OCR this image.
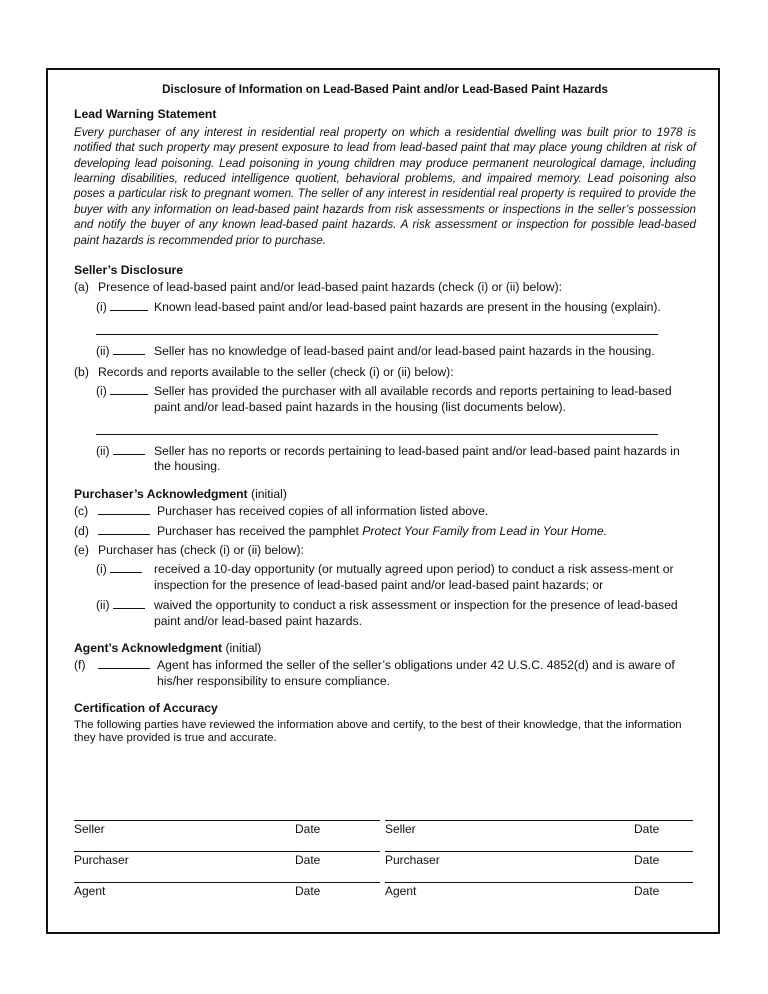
Disclosure of Information on Lead-Based Paint and/or Lead-Based Paint Hazards
Lead Warning Statement
Every purchaser of any interest in residential real property on which a residential dwelling was built prior to 1978 is notified that such property may present exposure to lead from lead-based paint that may place young children at risk of developing lead poisoning. Lead poisoning in young children may produce permanent neurological damage, including learning disabilities, reduced intelligence quotient, behavioral problems, and impaired memory. Lead poisoning also poses a particular risk to pregnant women. The seller of any interest in residential real property is required to provide the buyer with any information on lead-based paint hazards from risk assessments or inspections in the seller’s possession and notify the buyer of any known lead-based paint hazards. A risk assessment or inspection for possible lead-based paint hazards is recommended prior to purchase.
Seller’s Disclosure
(a) Presence of lead-based paint and/or lead-based paint hazards (check (i) or (ii) below):
(i)	Known lead-based paint and/or lead-based paint hazards are present in the housing (explain).
(ii)	Seller has no knowledge of lead-based paint and/or lead-based paint hazards in the housing.
(b) Records and reports available to the seller (check (i) or (ii) below):
(i)	Seller has provided the purchaser with all available records and reports pertaining to lead-based paint and/or lead-based paint hazards in the housing (list documents below).
(ii)	Seller has no reports or records pertaining to lead-based paint and/or lead-based paint hazards in the housing.
Purchaser’s Acknowledgment (initial)
(c)	Purchaser has received copies of all information listed above.
(d)	Purchaser has received the pamphlet Protect Your Family from Lead in Your Home.
(e) Purchaser has (check (i) or (ii) below):
(i)	received a 10-day opportunity (or mutually agreed upon period) to conduct a risk assess-ment or inspection for the presence of lead-based paint and/or lead-based paint hazards; or
(ii)	waived the opportunity to conduct a risk assessment or inspection for the presence of lead-based paint and/or lead-based paint hazards.
Agent’s Acknowledgment (initial)
(f)	Agent has informed the seller of the seller’s obligations under 42 U.S.C. 4852(d) and is aware of his/her responsibility to ensure compliance.
Certification of Accuracy
The following parties have reviewed the information above and certify, to the best of their knowledge, that the information they have provided is true and accurate.
Seller	Date	Seller	Date
Purchaser	Date	Purchaser	Date
Agent	Date	Agent	Date
